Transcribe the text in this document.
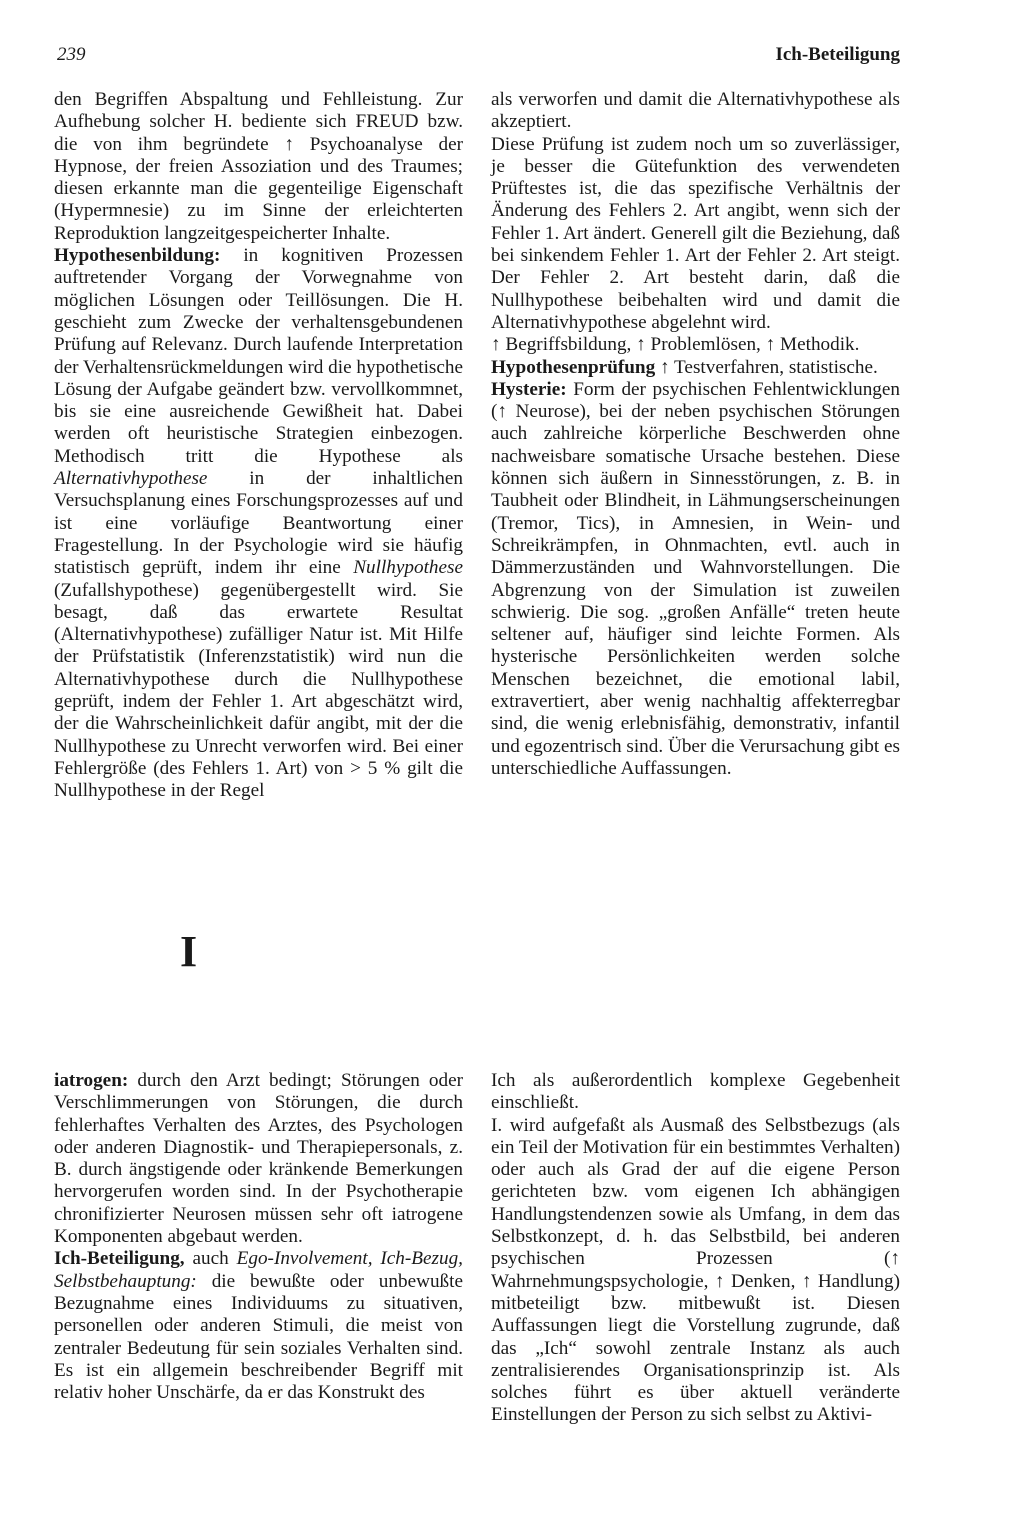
239	Ich-Beteiligung

den Begriffen Abspaltung und Fehlleistung. Zur Aufhebung solcher H. bediente sich FREUD bzw. die von ihm begründete ↑ Psychoanalyse der Hypnose, der freien Assoziation und des Traumes; diesen erkannte man die gegenteilige Eigenschaft (Hypermnesie) zu im Sinne der erleichterten Reproduktion langzeitgespeicherter Inhalte.

Hypothesenbildung: in kognitiven Prozessen auftretender Vorgang der Vorwegnahme von möglichen Lösungen oder Teillösungen. Die H. geschieht zum Zwecke der verhaltensgebundenen Prüfung auf Relevanz. Durch laufende Interpretation der Verhaltensrückmeldungen wird die hypothetische Lösung der Aufgabe geändert bzw. vervollkommnet, bis sie eine ausreichende Gewißheit hat. Dabei werden oft heuristische Strategien einbezogen. Methodisch tritt die Hypothese als Alternativhypothese in der inhaltlichen Versuchsplanung eines Forschungsprozesses auf und ist eine vorläufige Beantwortung einer Fragestellung. In der Psychologie wird sie häufig statistisch geprüft, indem ihr eine Nullhypothese (Zufallshypothese) gegenübergestellt wird. Sie besagt, daß das erwartete Resultat (Alternativhypothese) zufälliger Natur ist. Mit Hilfe der Prüfstatistik (Inferenzstatistik) wird nun die Alternativhypothese durch die Nullhypothese geprüft, indem der Fehler 1. Art abgeschätzt wird, der die Wahrscheinlichkeit dafür angibt, mit der die Nullhypothese zu Unrecht verworfen wird. Bei einer Fehlergröße (des Fehlers 1. Art) von > 5 % gilt die Nullhypothese in der Regel

als verworfen und damit die Alternativhypothese als akzeptiert.

Diese Prüfung ist zudem noch um so zuverlässiger, je besser die Gütefunktion des verwendeten Prüftestes ist, die das spezifische Verhältnis der Änderung des Fehlers 2. Art angibt, wenn sich der Fehler 1. Art ändert. Generell gilt die Beziehung, daß bei sinkendem Fehler 1. Art der Fehler 2. Art steigt. Der Fehler 2. Art besteht darin, daß die Nullhypothese beibehalten wird und damit die Alternativhypothese abgelehnt wird.

↑ Begriffsbildung, ↑ Problemlösen, ↑ Methodik.

Hypothesenprüfung ↑ Testverfahren, statistische.

Hysterie: Form der psychischen Fehlentwicklungen (↑ Neurose), bei der neben psychischen Störungen auch zahlreiche körperliche Beschwerden ohne nachweisbare somatische Ursache bestehen. Diese können sich äußern in Sinnesstörungen, z. B. in Taubheit oder Blindheit, in Lähmungserscheinungen (Tremor, Tics), in Amnesien, in Wein- und Schreikrämpfen, in Ohnmachten, evtl. auch in Dämmerzuständen und Wahnvorstellungen. Die Abgrenzung von der Simulation ist zuweilen schwierig. Die sog. „großen Anfälle“ treten heute seltener auf, häufiger sind leichte Formen. Als hysterische Persönlichkeiten werden solche Menschen bezeichnet, die emotional labil, extravertiert, aber wenig nachhaltig affekterregbar sind, die wenig erlebnisfähig, demonstrativ, infantil und egozentrisch sind. Über die Verursachung gibt es unterschiedliche Auffassungen.

I

iatrogen: durch den Arzt bedingt; Störungen oder Verschlimmerungen von Störungen, die durch fehlerhaftes Verhalten des Arztes, des Psychologen oder anderen Diagnostik- und Therapiepersonals, z. B. durch ängstigende oder kränkende Bemerkungen hervorgerufen worden sind. In der Psychotherapie chronifizierter Neurosen müssen sehr oft iatrogene Komponenten abgebaut werden.

Ich-Beteiligung, auch Ego-Involvement, Ich-Bezug, Selbstbehauptung: die bewußte oder unbewußte Bezugnahme eines Individuums zu situativen, personellen oder anderen Stimuli, die meist von zentraler Bedeutung für sein soziales Verhalten sind. Es ist ein allgemein beschreibender Begriff mit relativ hoher Unschärfe, da er das Konstrukt des

Ich als außerordentlich komplexe Gegebenheit einschließt.

I. wird aufgefaßt als Ausmaß des Selbstbezugs (als ein Teil der Motivation für ein bestimmtes Verhalten) oder auch als Grad der auf die eigene Person gerichteten bzw. vom eigenen Ich abhängigen Handlungstendenzen sowie als Umfang, in dem das Selbstkonzept, d. h. das Selbstbild, bei anderen psychischen Prozessen (↑ Wahrnehmungspsychologie, ↑ Denken, ↑ Handlung) mitbeteiligt bzw. mitbewußt ist. Diesen Auffassungen liegt die Vorstellung zugrunde, daß das „Ich“ sowohl zentrale Instanz als auch zentralisierendes Organisationsprinzip ist. Als solches führt es über aktuell veränderte Einstellungen der Person zu sich selbst zu Aktivi-
